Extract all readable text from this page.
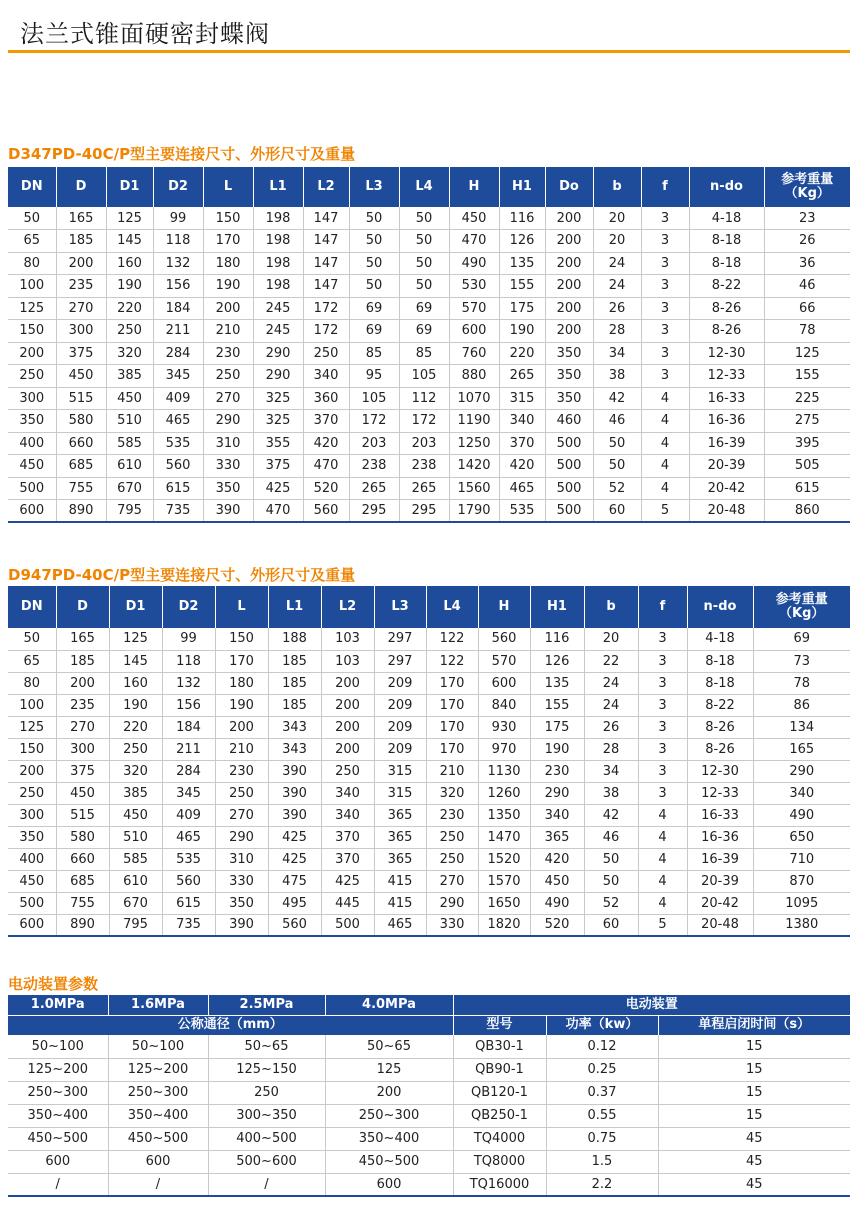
法兰式锥面硬密封蝶阀
D347PD-40C/P型主要连接尺寸、外形尺寸及重量
DN	D	D1	D2	L	L1	L2	L3	L4	H	H1	Do	b	f	n-do	参考重量
（Kg）
50	165	125	99	150	198	147	50	50	450	116	200	20	3	4-18	23
65	185	145	118	170	198	147	50	50	470	126	200	20	3	8-18	26
80	200	160	132	180	198	147	50	50	490	135	200	24	3	8-18	36
100	235	190	156	190	198	147	50	50	530	155	200	24	3	8-22	46
125	270	220	184	200	245	172	69	69	570	175	200	26	3	8-26	66
150	300	250	211	210	245	172	69	69	600	190	200	28	3	8-26	78
200	375	320	284	230	290	250	85	85	760	220	350	34	3	12-30	125
250	450	385	345	250	290	340	95	105	880	265	350	38	3	12-33	155
300	515	450	409	270	325	360	105	112	1070	315	350	42	4	16-33	225
350	580	510	465	290	325	370	172	172	1190	340	460	46	4	16-36	275
400	660	585	535	310	355	420	203	203	1250	370	500	50	4	16-39	395
450	685	610	560	330	375	470	238	238	1420	420	500	50	4	20-39	505
500	755	670	615	350	425	520	265	265	1560	465	500	52	4	20-42	615
600	890	795	735	390	470	560	295	295	1790	535	500	60	5	20-48	860
D947PD-40C/P型主要连接尺寸、外形尺寸及重量
DN	D	D1	D2	L	L1	L2	L3	L4	H	H1	b	f	n-do	参考重量
（Kg）
50	165	125	99	150	188	103	297	122	560	116	20	3	4-18	69
65	185	145	118	170	185	103	297	122	570	126	22	3	8-18	73
80	200	160	132	180	185	200	209	170	600	135	24	3	8-18	78
100	235	190	156	190	185	200	209	170	840	155	24	3	8-22	86
125	270	220	184	200	343	200	209	170	930	175	26	3	8-26	134
150	300	250	211	210	343	200	209	170	970	190	28	3	8-26	165
200	375	320	284	230	390	250	315	210	1130	230	34	3	12-30	290
250	450	385	345	250	390	340	315	320	1260	290	38	3	12-33	340
300	515	450	409	270	390	340	365	230	1350	340	42	4	16-33	490
350	580	510	465	290	425	370	365	250	1470	365	46	4	16-36	650
400	660	585	535	310	425	370	365	250	1520	420	50	4	16-39	710
450	685	610	560	330	475	425	415	270	1570	450	50	4	20-39	870
500	755	670	615	350	495	445	415	290	1650	490	52	4	20-42	1095
600	890	795	735	390	560	500	465	330	1820	520	60	5	20-48	1380
电动装置参数
1.0MPa	1.6MPa	2.5MPa	4.0MPa	电动装置		
公称通径（mm）				型号	功率（kw）	单程启闭时间（s）
50~100	50~100	50~65	50~65	QB30-1	0.12	15
125~200	125~200	125~150	125	QB90-1	0.25	15
250~300	250~300	250	200	QB120-1	0.37	15
350~400	350~400	300~350	250~300	QB250-1	0.55	15
450~500	450~500	400~500	350~400	TQ4000	0.75	45
600	600	500~600	450~500	TQ8000	1.5	45
/	/	/	600	TQ16000	2.2	45
